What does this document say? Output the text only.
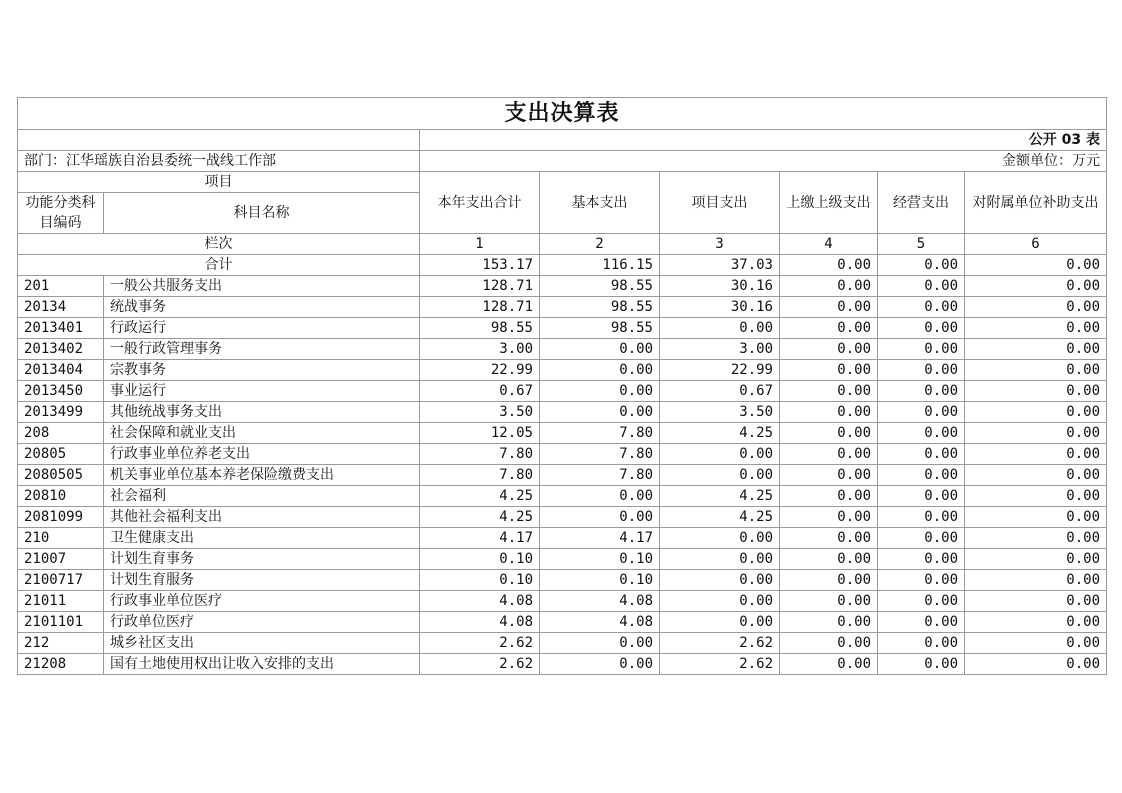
支出决算表							
		公开 03 表					
部门：江华瑶族自治县委统一战线工作部		金额单位：万元					
项目		本年支出合计	基本支出	项目支出	上缴上级支出	经营支出	对附属单位补助支出
功能分类科目编码	科目名称						
栏次		1	2	3	4	5	6
合计		153.17	116.15	37.03	0.00	0.00	0.00
201	一般公共服务支出	128.71	98.55	30.16	0.00	0.00	0.00
20134	统战事务	128.71	98.55	30.16	0.00	0.00	0.00
2013401	行政运行	98.55	98.55	0.00	0.00	0.00	0.00
2013402	一般行政管理事务	3.00	0.00	3.00	0.00	0.00	0.00
2013404	宗教事务	22.99	0.00	22.99	0.00	0.00	0.00
2013450	事业运行	0.67	0.00	0.67	0.00	0.00	0.00
2013499	其他统战事务支出	3.50	0.00	3.50	0.00	0.00	0.00
208	社会保障和就业支出	12.05	7.80	4.25	0.00	0.00	0.00
20805	行政事业单位养老支出	7.80	7.80	0.00	0.00	0.00	0.00
2080505	机关事业单位基本养老保险缴费支出	7.80	7.80	0.00	0.00	0.00	0.00
20810	社会福利	4.25	0.00	4.25	0.00	0.00	0.00
2081099	其他社会福利支出	4.25	0.00	4.25	0.00	0.00	0.00
210	卫生健康支出	4.17	4.17	0.00	0.00	0.00	0.00
21007	计划生育事务	0.10	0.10	0.00	0.00	0.00	0.00
2100717	计划生育服务	0.10	0.10	0.00	0.00	0.00	0.00
21011	行政事业单位医疗	4.08	4.08	0.00	0.00	0.00	0.00
2101101	行政单位医疗	4.08	4.08	0.00	0.00	0.00	0.00
212	城乡社区支出	2.62	0.00	2.62	0.00	0.00	0.00
21208	国有土地使用权出让收入安排的支出	2.62	0.00	2.62	0.00	0.00	0.00
